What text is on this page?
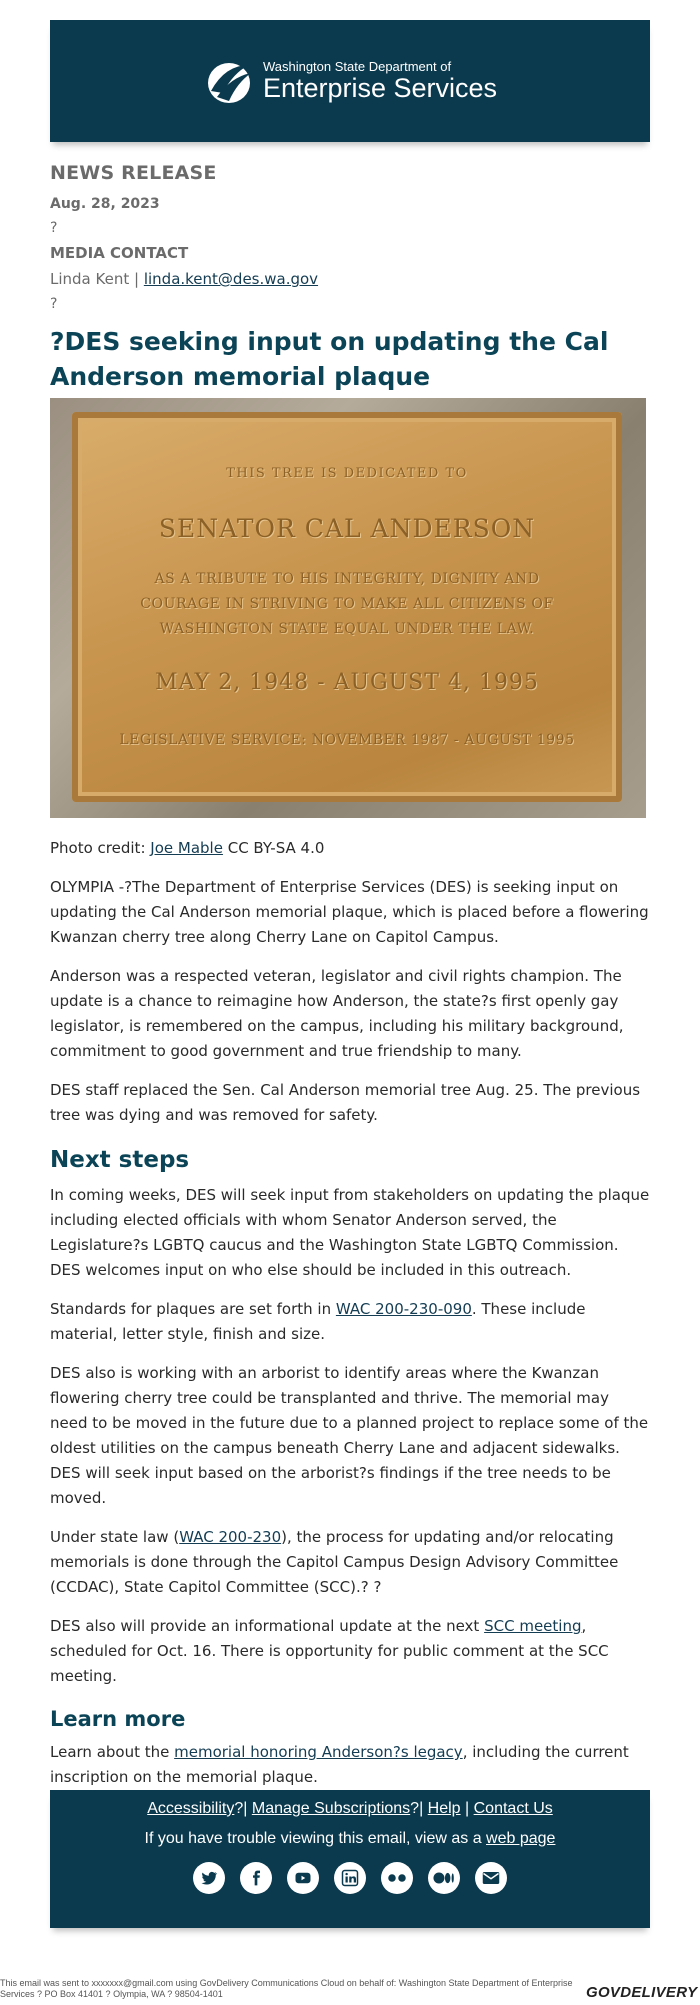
Washington State Department of
Enterprise Services
NEWS RELEASE
Aug. 28, 2023
?
MEDIA CONTACT
Linda Kent | linda.kent@des.wa.gov
?
?DES seeking input on updating the Cal Anderson memorial plaque
THIS TREE IS DEDICATED TO
SENATOR CAL ANDERSON
AS A TRIBUTE TO HIS INTEGRITY, DIGNITY AND
COURAGE IN STRIVING TO MAKE ALL CITIZENS OF
WASHINGTON STATE EQUAL UNDER THE LAW.
MAY 2, 1948 - AUGUST 4, 1995
LEGISLATIVE SERVICE: NOVEMBER 1987 - AUGUST 1995

Photo credit: Joe Mable CC BY-SA 4.0

OLYMPIA -?The Department of Enterprise Services (DES) is seeking input on updating the Cal Anderson memorial plaque, which is placed before a flowering Kwanzan cherry tree along Cherry Lane on Capitol Campus.

Anderson was a respected veteran, legislator and civil rights champion. The update is a chance to reimagine how Anderson, the state?s first openly gay legislator, is remembered on the campus, including his military background, commitment to good government and true friendship to many.

DES staff replaced the Sen. Cal Anderson memorial tree Aug. 25. The previous tree was dying and was removed for safety.

Next steps

In coming weeks, DES will seek input from stakeholders on updating the plaque including elected officials with whom Senator Anderson served, the Legislature?s LGBTQ caucus and the Washington State LGBTQ Commission. DES welcomes input on who else should be included in this outreach.

Standards for plaques are set forth in WAC 200-230-090. These include material, letter style, finish and size.

DES also is working with an arborist to identify areas where the Kwanzan flowering cherry tree could be transplanted and thrive. The memorial may need to be moved in the future due to a planned project to replace some of the oldest utilities on the campus beneath Cherry Lane and adjacent sidewalks. DES will seek input based on the arborist?s findings if the tree needs to be moved.

Under state law (WAC 200-230), the process for updating and/or relocating memorials is done through the Capitol Campus Design Advisory Committee (CCDAC), State Capitol Committee (SCC).? ?

DES also will provide an informational update at the next SCC meeting, scheduled for Oct. 16. There is opportunity for public comment at the SCC meeting.

Learn more

Learn about the memorial honoring Anderson?s legacy, including the current inscription on the memorial plaque.

Accessibility?| Manage Subscriptions?| Help | Contact Us
If you have trouble viewing this email, view as a web page
This email was sent to xxxxxxx@gmail.com using GovDelivery Communications Cloud on behalf of: Washington State Department of Enterprise Services ? PO Box 41401 ? Olympia, WA ? 98504-1401	GOVDELIVERY
